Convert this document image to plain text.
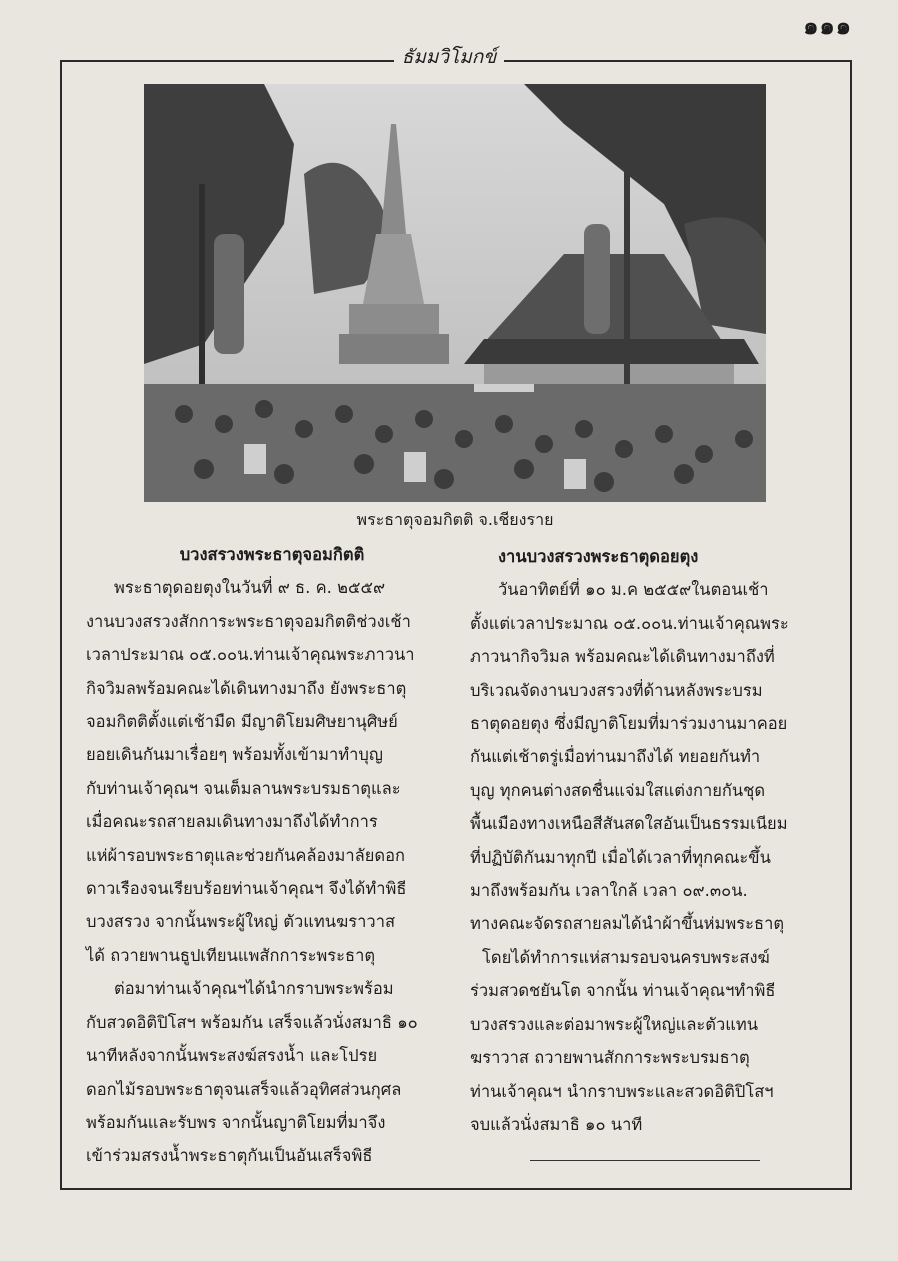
๑๑๑
ธัมมวิโมกข์
พระธาตุจอมกิตติ จ.เชียงราย
บวงสรวงพระธาตุจอมกิตติ
พระธาตุดอยตุงในวันที่ ๙ ธ. ค. ๒๕๕๙
งานบวงสรวงสักการะพระธาตุจอมกิตติช่วงเช้า
เวลาประมาณ ๐๕.๐๐น.ท่านเจ้าคุณพระภาวนา
กิจวิมลพร้อมคณะได้เดินทางมาถึง ยังพระธาตุ
จอมกิตติตั้งแต่เช้ามืด มีญาติโยมศิษยานุศิษย์
ยอยเดินกันมาเรื่อยๆ พร้อมทั้งเข้ามาทำบุญ
กับท่านเจ้าคุณฯ จนเต็มลานพระบรมธาตุและ
เมื่อคณะรถสายลมเดินทางมาถึงได้ทำการ
แห่ผ้ารอบพระธาตุและช่วยกันคล้องมาลัยดอก
ดาวเรืองจนเรียบร้อยท่านเจ้าคุณฯ จึงได้ทำพิธี
บวงสรวง จากนั้นพระผู้ใหญ่ ตัวแทนฆราวาส
ได้ ถวายพานธูปเทียนแพสักการะพระธาตุ
ต่อมาท่านเจ้าคุณฯได้นำกราบพระพร้อม
กับสวดอิติปิโสฯ พร้อมกัน เสร็จแล้วนั่งสมาธิ ๑๐
นาทีหลังจากนั้นพระสงฆ์สรงน้ำ และโปรย
ดอกไม้รอบพระธาตุจนเสร็จแล้วอุทิศส่วนกุศล
พร้อมกันและรับพร จากนั้นญาติโยมที่มาจึง
เข้าร่วมสรงน้ำพระธาตุกันเป็นอันเสร็จพิธี
งานบวงสรวงพระธาตุดอยตุง
วันอาทิตย์ที่ ๑๐ ม.ค ๒๕๕๙ในตอนเช้า
ตั้งแต่เวลาประมาณ ๐๕.๐๐น.ท่านเจ้าคุณพระ
ภาวนากิจวิมล พร้อมคณะได้เดินทางมาถึงที่
บริเวณจัดงานบวงสรวงที่ด้านหลังพระบรม
ธาตุดอยตุง ซึ่งมีญาติโยมที่มาร่วมงานมาคอย
กันแต่เช้าตรู่เมื่อท่านมาถึงได้ ทยอยกันทำ
บุญ ทุกคนต่างสดชื่นแจ่มใสแต่งกายกันชุด
พื้นเมืองทางเหนือสีสันสดใสอันเป็นธรรมเนียม
ที่ปฏิบัติกันมาทุกปี เมื่อได้เวลาที่ทุกคณะขึ้น
มาถึงพร้อมกัน เวลาใกล้ เวลา ๐๙.๓๐น.
ทางคณะจัดรถสายลมได้นำผ้าขึ้นห่มพระธาตุ
โดยได้ทำการแห่สามรอบจนครบพระสงฆ์
ร่วมสวดชยันโต จากนั้น ท่านเจ้าคุณฯทำพิธี
บวงสรวงและต่อมาพระผู้ใหญ่และตัวแทน
ฆราวาส ถวายพานสักการะพระบรมธาตุ
ท่านเจ้าคุณฯ นำกราบพระและสวดอิติปิโสฯ
จบแล้วนั่งสมาธิ ๑๐ นาที
